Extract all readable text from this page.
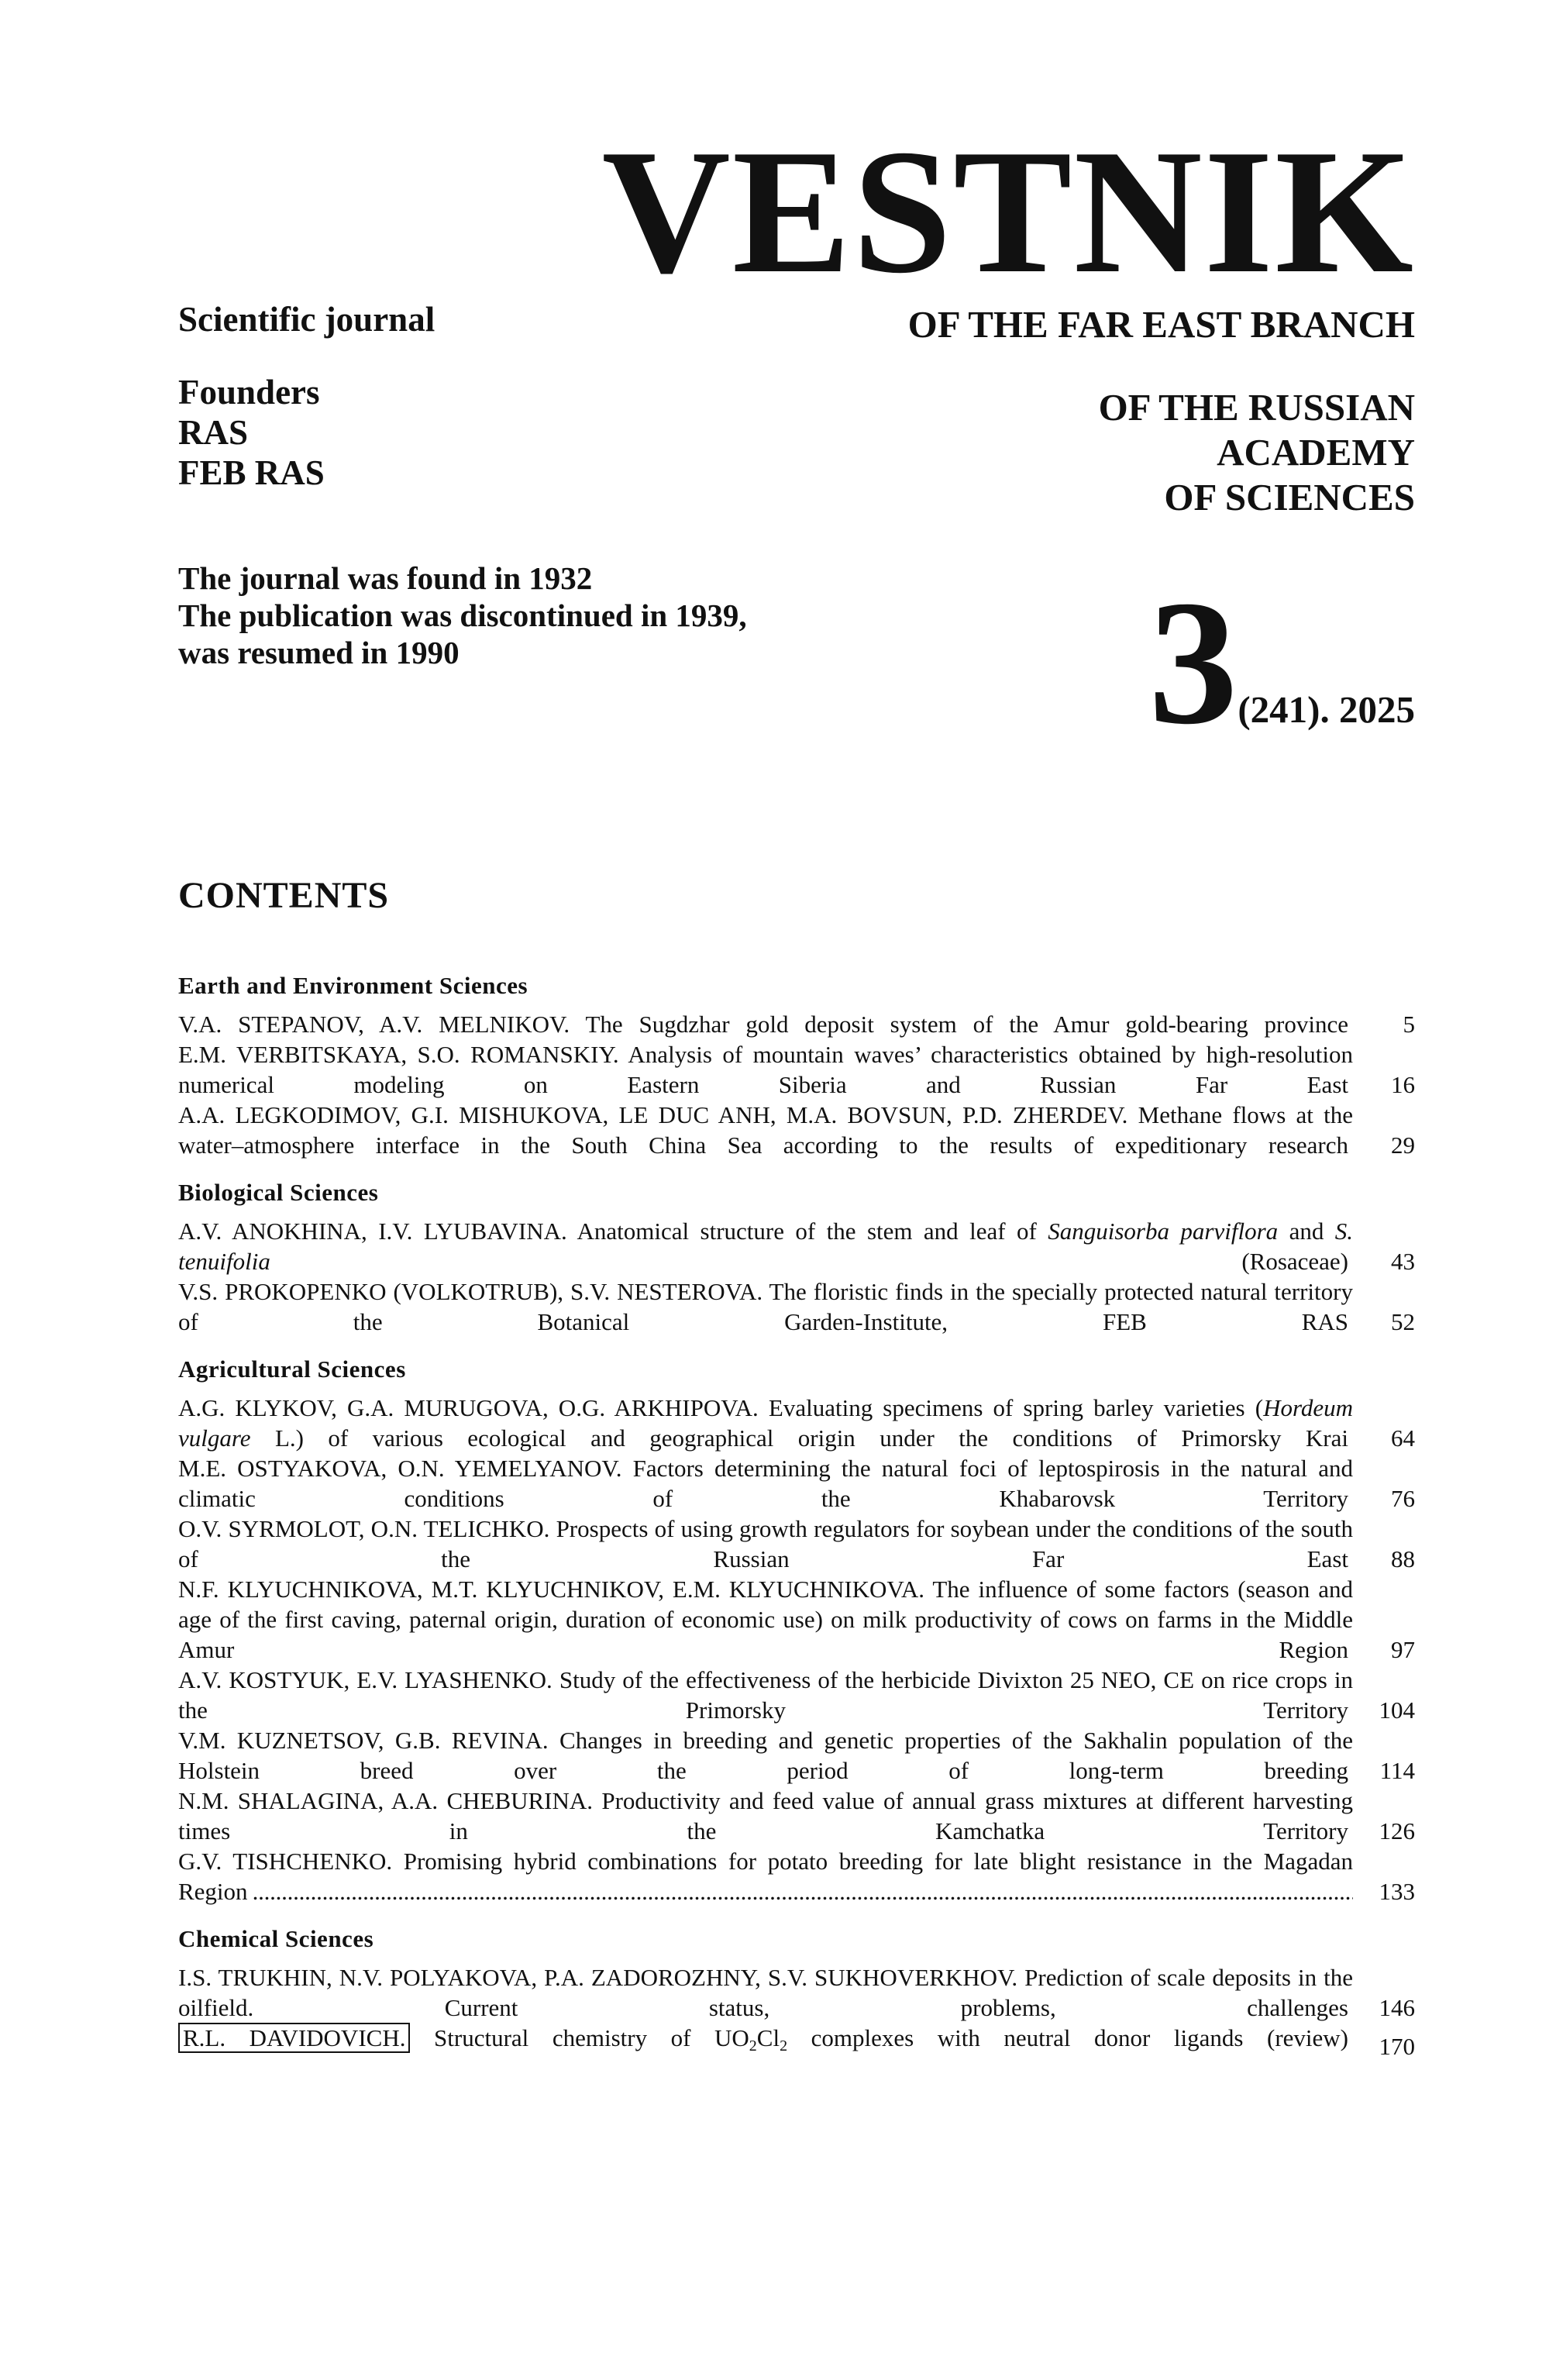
VESTNIK
Scientific journal
Founders
RAS
FEB RAS
The journal was found in 1932
The publication was discontinued in 1939,
was resumed in 1990
OF THE FAR EAST BRANCH
OF THE RUSSIAN
ACADEMY
OF SCIENCES
3(241). 2025
CONTENTS
Earth and Environment Sciences
V.A. STEPANOV, A.V. MELNIKOV. The Sugdzhar gold deposit system of the Amur gold-bearing province . . .	5
E.M. VERBITSKAYA, S.O. ROMANSKIY. Analysis of mountain waves’ characteristics obtained by high-resolution numerical modeling on Eastern Siberia and Russian Far East . . .	16
A.A. LEGKODIMOV, G.I. MISHUKOVA, LE DUC ANH, M.A. BOVSUN, P.D. ZHERDEV. Methane flows at the water–atmosphere interface in the South China Sea according to the results of expeditionary research . . .	29
Biological Sciences
A.V. ANOKHINA, I.V. LYUBAVINA. Anatomical structure of the stem and leaf of Sanguisorba parviflora and S. tenuifolia (Rosaceae) . . .	43
V.S. PROKOPENKO (VOLKOTRUB), S.V. NESTEROVA. The floristic finds in the specially protected natural territory of the Botanical Garden-Institute, FEB RAS . . .	52
Agricultural Sciences
A.G. KLYKOV, G.A. MURUGOVA, O.G. ARKHIPOVA. Evaluating specimens of spring barley varieties (Hordeum vulgare L.) of various ecological and geographical origin under the conditions of Primorsky Krai . . .	64
M.E. OSTYAKOVA, O.N. YEMELYANOV. Factors determining the natural foci of leptospirosis in the natural and climatic conditions of the Khabarovsk Territory . . .	76
O.V. SYRMOLOT, O.N. TELICHKO. Prospects of using growth regulators for soybean under the conditions of the south of the Russian Far East . . .	88
N.F. KLYUCHNIKOVA, M.T. KLYUCHNIKOV, E.M. KLYUCHNIKOVA. The influence of some factors (season and age of the first caving, paternal origin, duration of economic use) on milk productivity of cows on farms in the Middle Amur Region . . .	97
A.V. KOSTYUK, E.V. LYASHENKO. Study of the effectiveness of the herbicide Divixton 25 NEO, CE on rice crops in the Primorsky Territory . . .	104
V.M. KUZNETSOV, G.B. REVINA. Changes in breeding and genetic properties of the Sakhalin population of the Holstein breed over the period of long-term breeding . . .	114
N.M. SHALAGINA, A.A. CHEBURINA. Productivity and feed value of annual grass mixtures at different harvesting times in the Kamchatka Territory . . .	126
G.V. TISHCHENKO. Promising hybrid combinations for potato breeding for late blight resistance in the Magadan Region . . .	133
Chemical Sciences
I.S. TRUKHIN, N.V. POLYAKOVA, P.A. ZADOROZHNY, S.V. SUKHOVERKHOV. Prediction of scale deposits in the oilfield. Current status, problems, challenges . . .	146
R.L. DAVIDOVICH. Structural chemistry of $UO_2Cl_2$ complexes with neutral donor ligands (review) . . .	170
